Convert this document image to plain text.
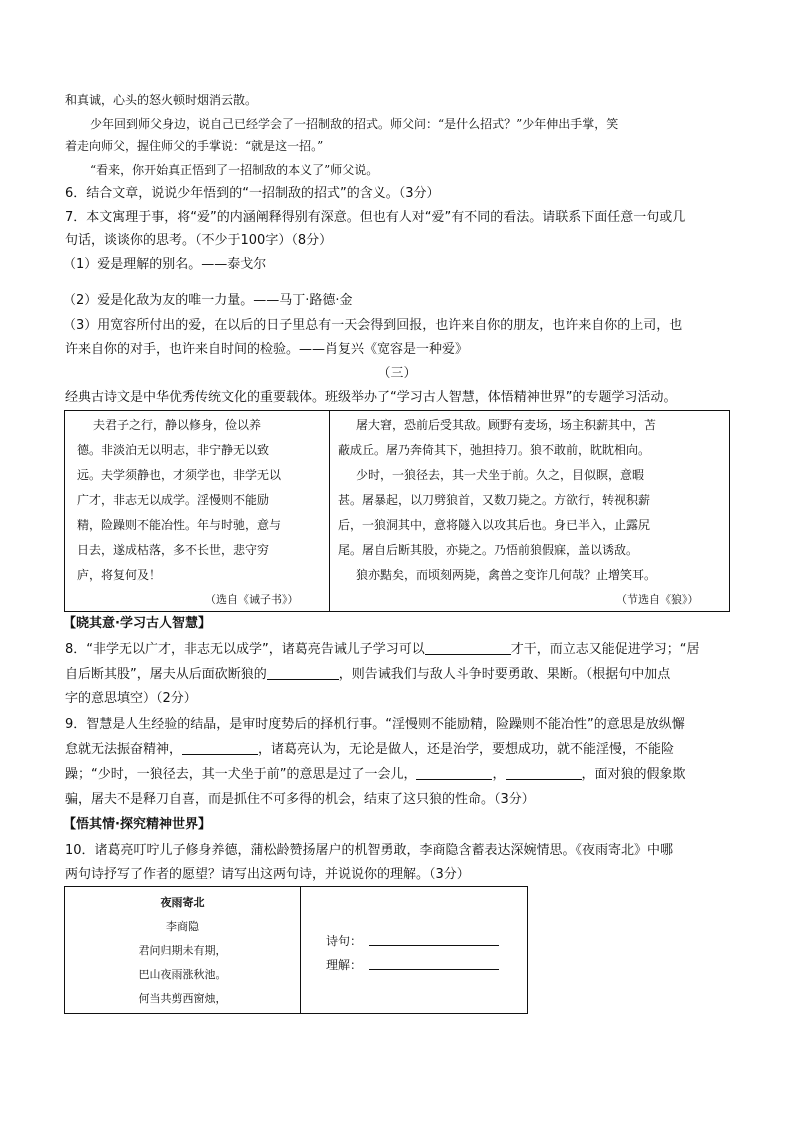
和真诚，心头的怒火顿时烟消云散。
少年回到师父身边，说自己已经学会了一招制敌的招式。师父问：“是什么招式？”少年伸出手掌，笑
着走向师父，握住师父的手掌说：“就是这一招。”
“看来，你开始真正悟到了一招制敌的本义了”师父说。
6．结合文章，说说少年悟到的“一招制敌的招式”的含义。（3分）
7．本文寓理于事，将“爱”的内涵阐释得别有深意。但也有人对“爱”有不同的看法。请联系下面任意一句或几
句话，谈谈你的思考。（不少于100字）（8分）
（1）爱是理解的别名。——泰戈尔
（2）爱是化敌为友的唯一力量。——马丁·路德·金
（3）用宽容所付出的爱，在以后的日子里总有一天会得到回报，也许来自你的朋友，也许来自你的上司，也
许来自你的对手，也许来自时间的检验。——肖复兴《宽容是一种爱》
（三）
经典古诗文是中华优秀传统文化的重要载体。班级举办了“学习古人智慧，体悟精神世界”的专题学习活动。
夫君子之行，静以修身，俭以养
德。非淡泊无以明志，非宁静无以致
远。夫学须静也，才须学也，非学无以
广才，非志无以成学。淫慢则不能励
精，险躁则不能冶性。年与时驰，意与
日去，遂成枯落，多不长世，悲守穷
庐，将复何及！
（选自《诫子书》）
屠大窘，恐前后受其敌。顾野有麦场，场主积薪其中，苫
蔽成丘。屠乃奔倚其下，弛担持刀。狼不敢前，眈眈相向。
少时，一狼径去，其一犬坐于前。久之，目似瞑，意暇
甚。屠暴起，以刀劈狼首，又数刀毙之。方欲行，转视积薪
后，一狼洞其中，意将隧入以攻其后也。身已半入，止露尻
尾。屠自后断其股，亦毙之。乃悟前狼假寐，盖以诱敌。
狼亦黠矣，而顷刻两毙，禽兽之变诈几何哉？止增笑耳。
（节选自《狼》）
【晓其意·学习古人智慧】
8．“非学无以广才，非志无以成学”，诸葛亮告诫儿子学习可以	才干，而立志又能促进学习；“居
自后断其股”，屠夫从后面砍断狼的	，则告诫我们与敌人斗争时要勇敢、果断。（根据句中加点
字的意思填空）（2分）
9．智慧是人生经验的结晶，是审时度势后的择机行事。“淫慢则不能励精，险躁则不能冶性”的意思是放纵懈
怠就无法振奋精神，	，诸葛亮认为，无论是做人，还是治学，要想成功，就不能淫慢，不能险
躁；“少时，一狼径去，其一犬坐于前”的意思是过了一会儿，	，	，面对狼的假象欺
骗，屠夫不是释刀自喜，而是抓住不可多得的机会，结束了这只狼的性命。（3分）
【悟其情·探究精神世界】
10．诸葛亮叮咛儿子修身养德，蒲松龄赞扬屠户的机智勇敢，李商隐含蓄表达深婉情思。《夜雨寄北》中哪
两句诗抒写了作者的愿望？请写出这两句诗，并说说你的理解。（3分）
夜雨寄北
李商隐
君问归期未有期，
巴山夜雨涨秋池。
何当共剪西窗烛，
诗句：
理解：
